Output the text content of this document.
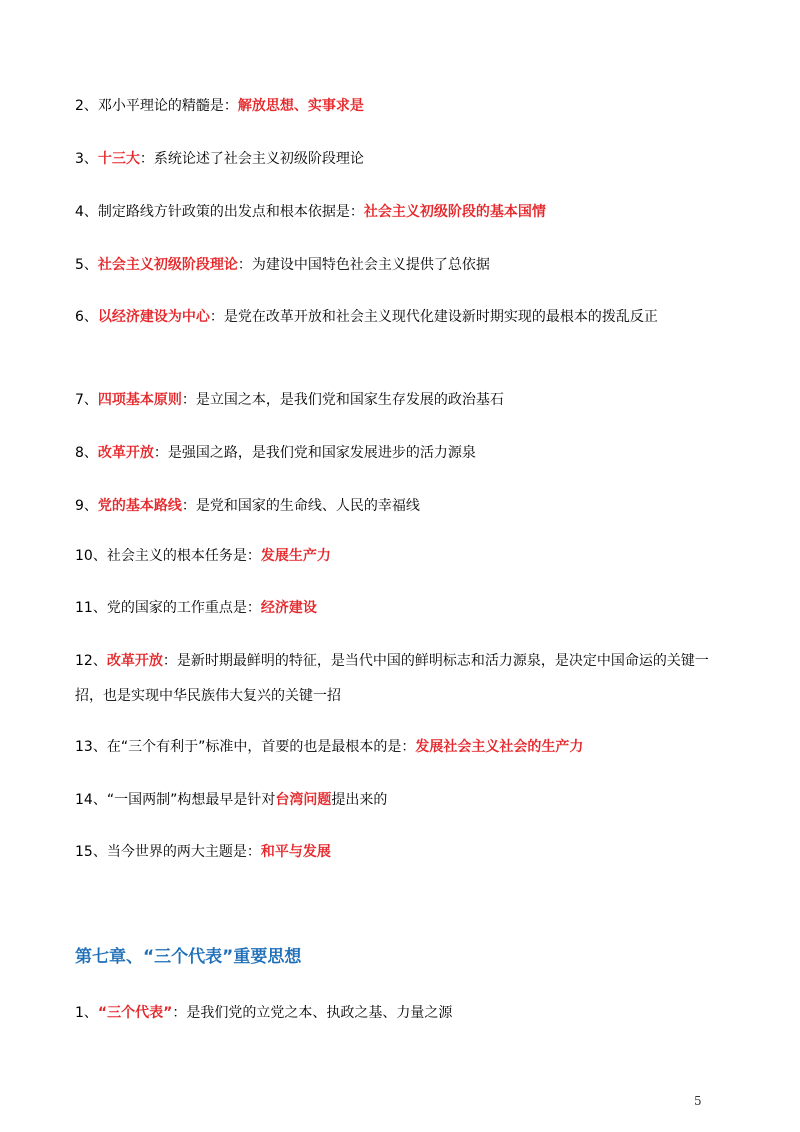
2、邓小平理论的精髓是：解放思想、实事求是
3、十三大：系统论述了社会主义初级阶段理论
4、制定路线方针政策的出发点和根本依据是：社会主义初级阶段的基本国情
5、社会主义初级阶段理论：为建设中国特色社会主义提供了总依据
6、以经济建设为中心：是党在改革开放和社会主义现代化建设新时期实现的最根本的拨乱反正
7、四项基本原则：是立国之本，是我们党和国家生存发展的政治基石
8、改革开放：是强国之路，是我们党和国家发展进步的活力源泉
9、党的基本路线：是党和国家的生命线、人民的幸福线
10、社会主义的根本任务是：发展生产力
11、党的国家的工作重点是：经济建设
12、改革开放：是新时期最鲜明的特征，是当代中国的鲜明标志和活力源泉，是决定中国命运的关键一招，也是实现中华民族伟大复兴的关键一招
13、在“三个有利于”标准中，首要的也是最根本的是：发展社会主义社会的生产力
14、“一国两制”构想最早是针对台湾问题提出来的
15、当今世界的两大主题是：和平与发展
第七章、“三个代表”重要思想
1、“三个代表”：是我们党的立党之本、执政之基、力量之源
5
